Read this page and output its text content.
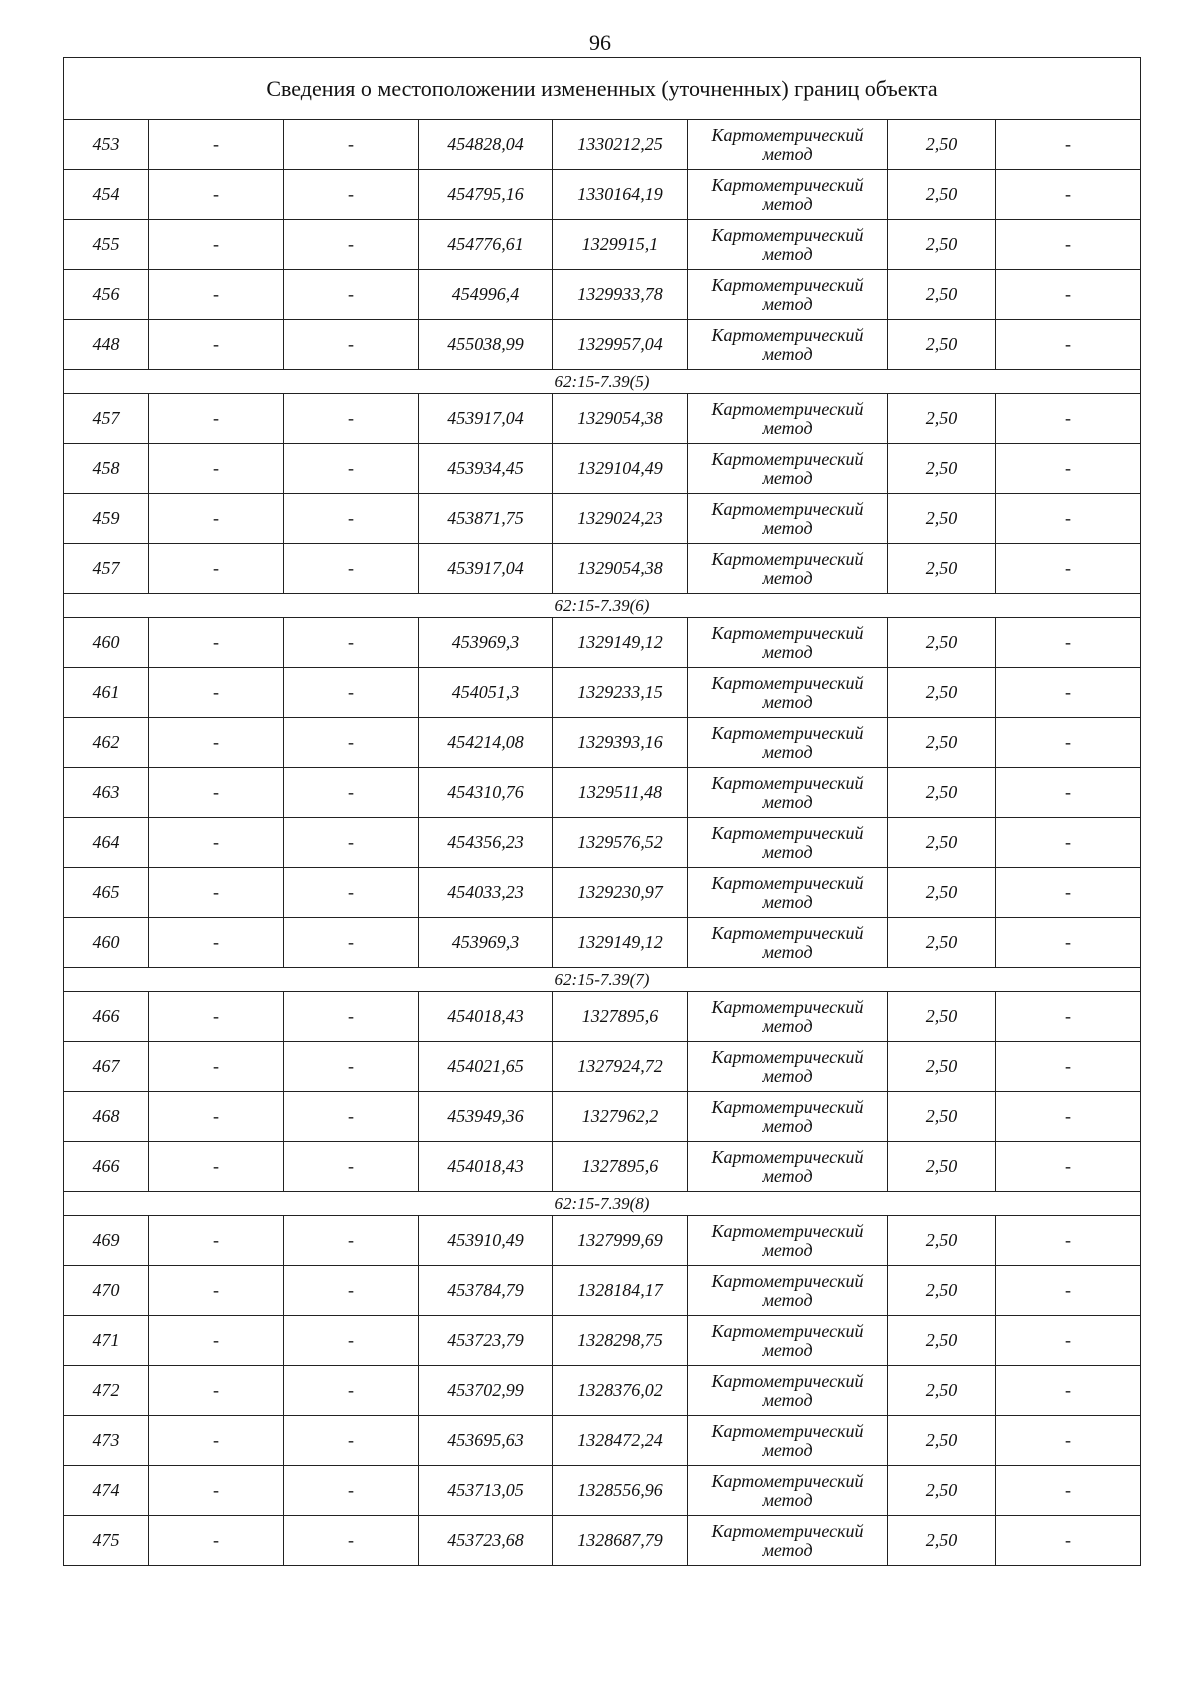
96
Сведения о местоположении измененных (уточненных) границ объекта							
453	-	-	454828,04	1330212,25	Картометрический метод	2,50	-
454	-	-	454795,16	1330164,19	Картометрический метод	2,50	-
455	-	-	454776,61	1329915,1	Картометрический метод	2,50	-
456	-	-	454996,4	1329933,78	Картометрический метод	2,50	-
448	-	-	455038,99	1329957,04	Картометрический метод	2,50	-
62:15-7.39(5)							
457	-	-	453917,04	1329054,38	Картометрический метод	2,50	-
458	-	-	453934,45	1329104,49	Картометрический метод	2,50	-
459	-	-	453871,75	1329024,23	Картометрический метод	2,50	-
457	-	-	453917,04	1329054,38	Картометрический метод	2,50	-
62:15-7.39(6)							
460	-	-	453969,3	1329149,12	Картометрический метод	2,50	-
461	-	-	454051,3	1329233,15	Картометрический метод	2,50	-
462	-	-	454214,08	1329393,16	Картометрический метод	2,50	-
463	-	-	454310,76	1329511,48	Картометрический метод	2,50	-
464	-	-	454356,23	1329576,52	Картометрический метод	2,50	-
465	-	-	454033,23	1329230,97	Картометрический метод	2,50	-
460	-	-	453969,3	1329149,12	Картометрический метод	2,50	-
62:15-7.39(7)							
466	-	-	454018,43	1327895,6	Картометрический метод	2,50	-
467	-	-	454021,65	1327924,72	Картометрический метод	2,50	-
468	-	-	453949,36	1327962,2	Картометрический метод	2,50	-
466	-	-	454018,43	1327895,6	Картометрический метод	2,50	-
62:15-7.39(8)							
469	-	-	453910,49	1327999,69	Картометрический метод	2,50	-
470	-	-	453784,79	1328184,17	Картометрический метод	2,50	-
471	-	-	453723,79	1328298,75	Картометрический метод	2,50	-
472	-	-	453702,99	1328376,02	Картометрический метод	2,50	-
473	-	-	453695,63	1328472,24	Картометрический метод	2,50	-
474	-	-	453713,05	1328556,96	Картометрический метод	2,50	-
475	-	-	453723,68	1328687,79	Картометрический метод	2,50	-
